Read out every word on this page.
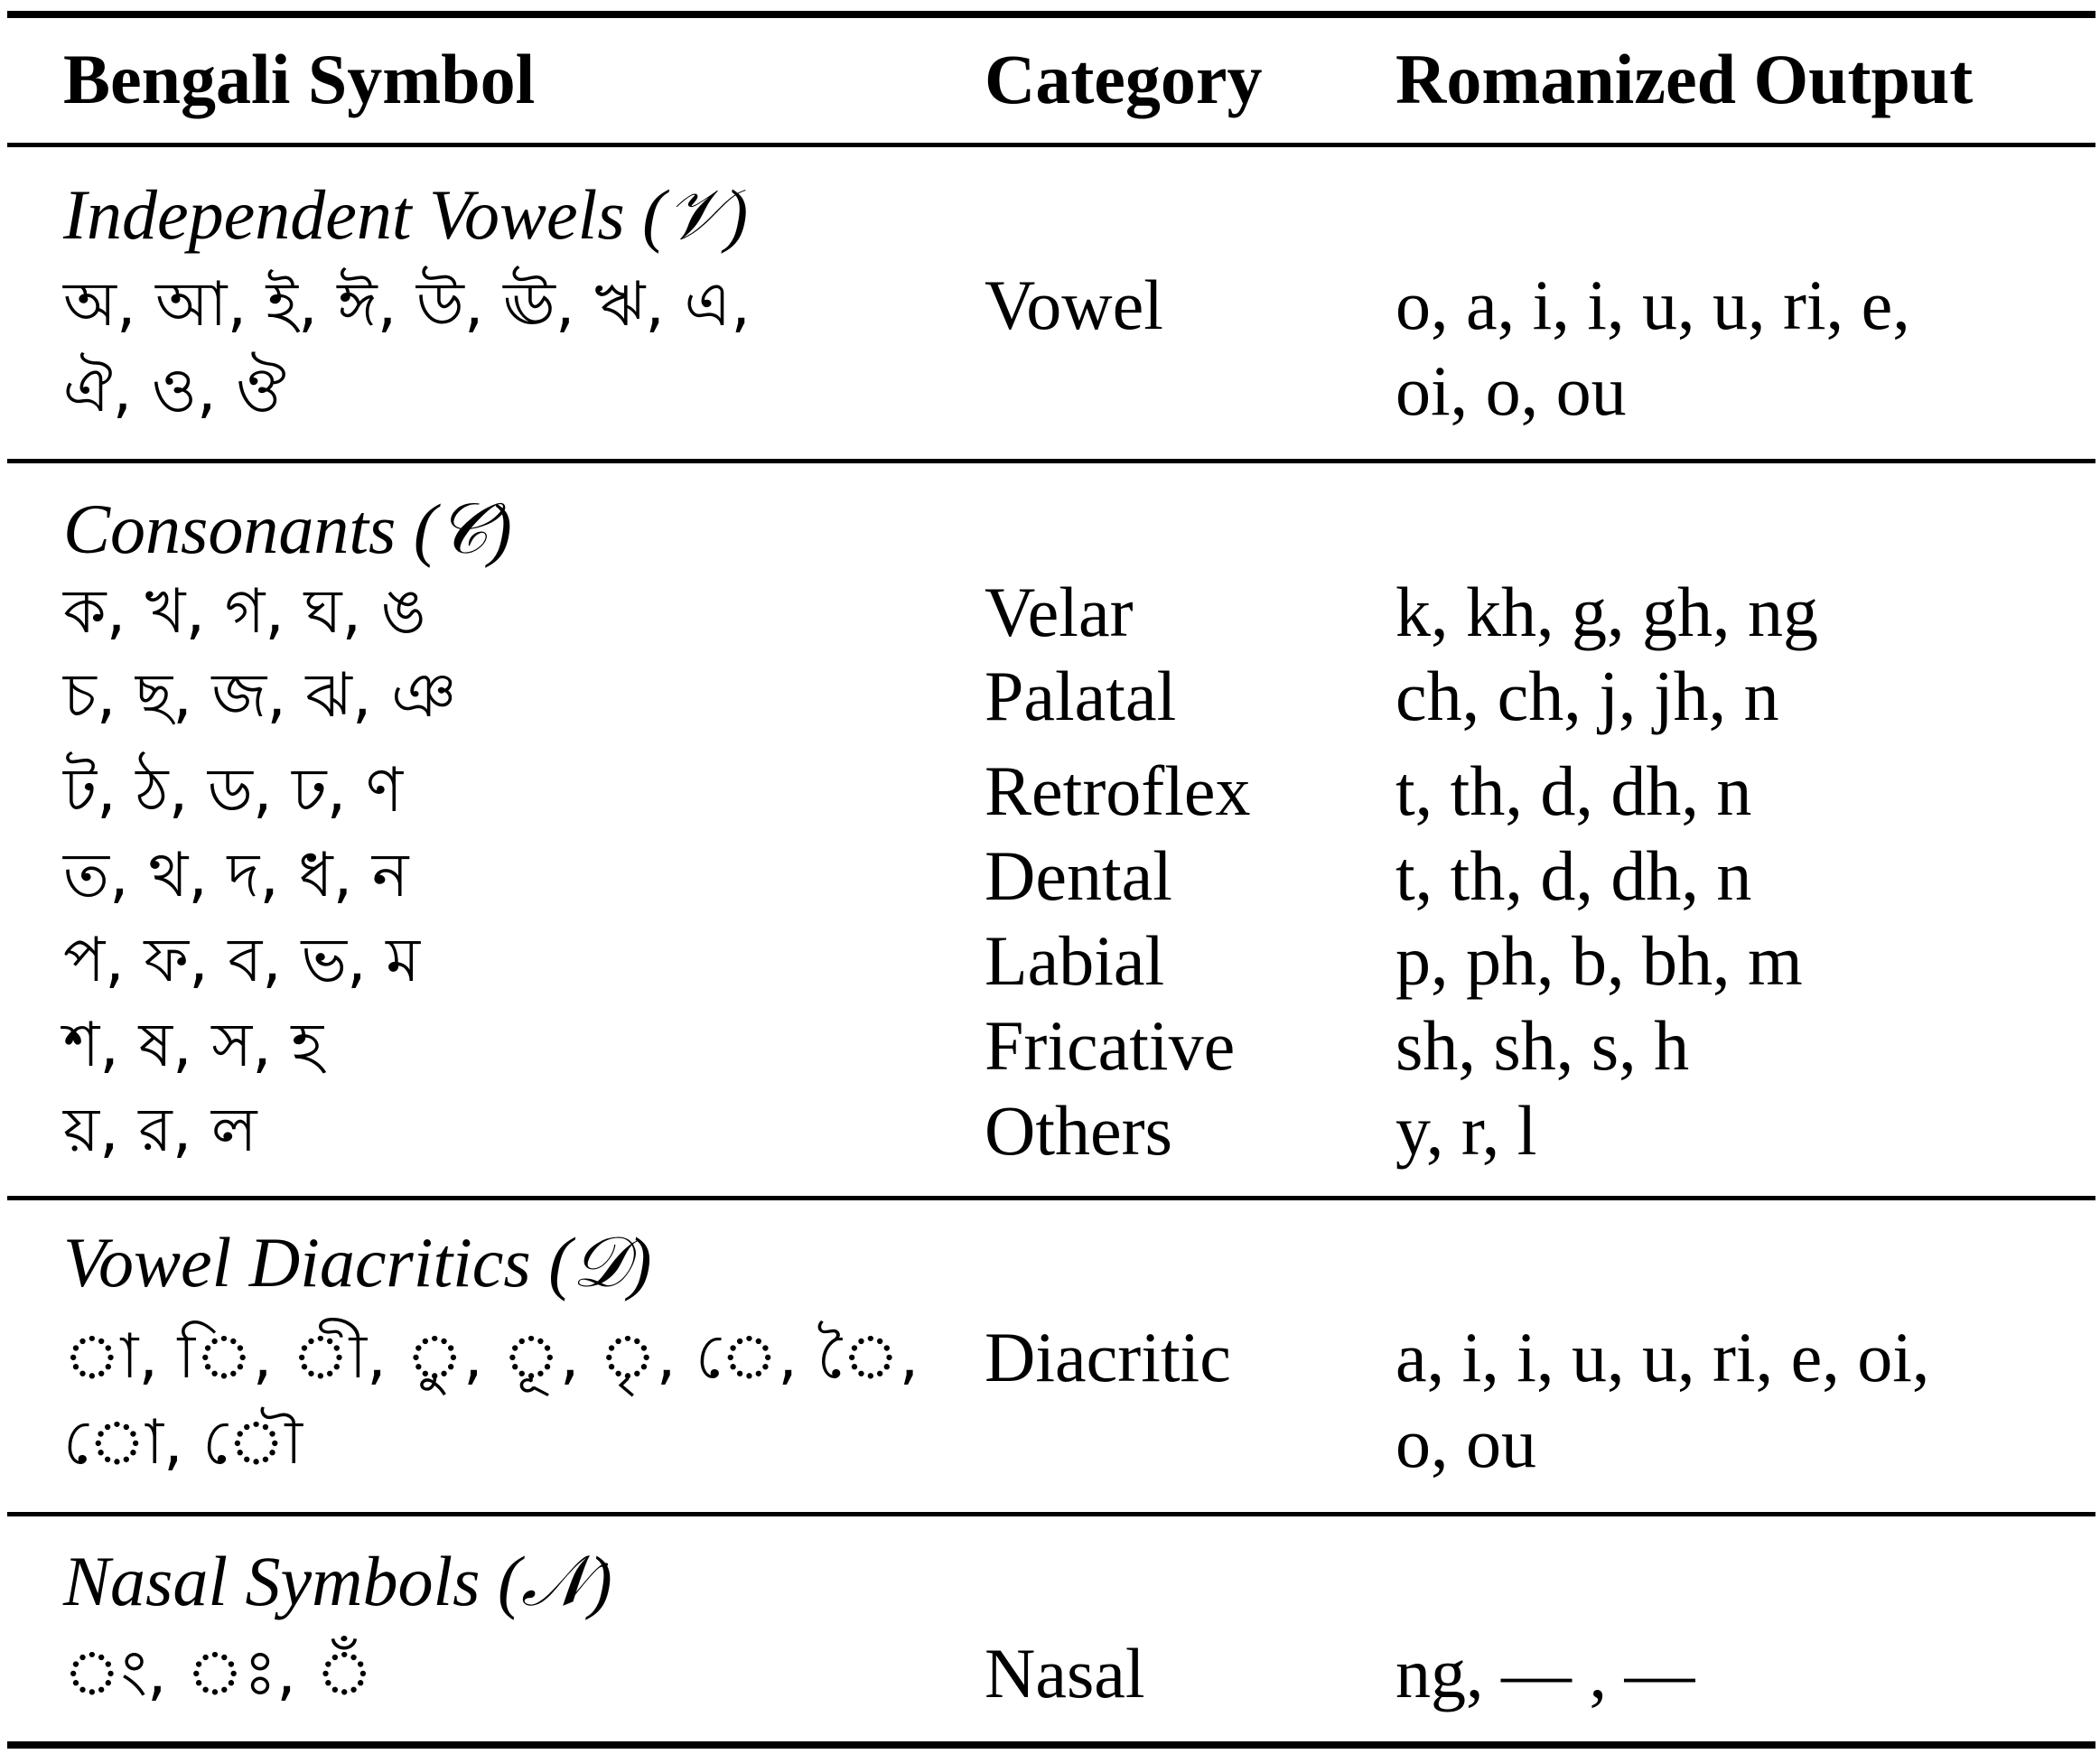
Bengali Symbol	Category Romanized Output
Independent Vowels (𝒱)
অ, আ, ই, ঈ, উ, ঊ, ঋ, এ,
ঐ, ও, ঔ
Vowel	o, a, i, i, u, u, ri, e,
oi, o, ou
Consonants (𝒞)
ক, খ, গ, ঘ, ঙ	Velar	k, kh, g, gh, ng
চ, ছ, জ, ঝ, ঞ	Palatal	ch, ch, j, jh, n
ট, ঠ, ড, ঢ, ণ	Retroflex t, th, d, dh, n
ত, থ, দ, ধ, ন	Dental	t, th, d, dh, n
প, ফ, ব, ভ, ম	Labial	p, ph, b, bh, m
শ, ষ, স, হ	Fricative sh, sh, s, h
য়, র, ল	Others	y, r, l
Vowel Diacritics (𝒟)
◌া, ◌ি, ◌ী, ◌ু, ◌ূ, ◌ৃ, ◌ে, ◌ৈ,
◌ো, ◌ৌ
Diacritic a, i, i, u, u, ri, e, oi,
o, ou
Nasal Symbols (𝒩)
◌ং, ◌ঃ, ◌ঁ	Nasal	ng, — , —
